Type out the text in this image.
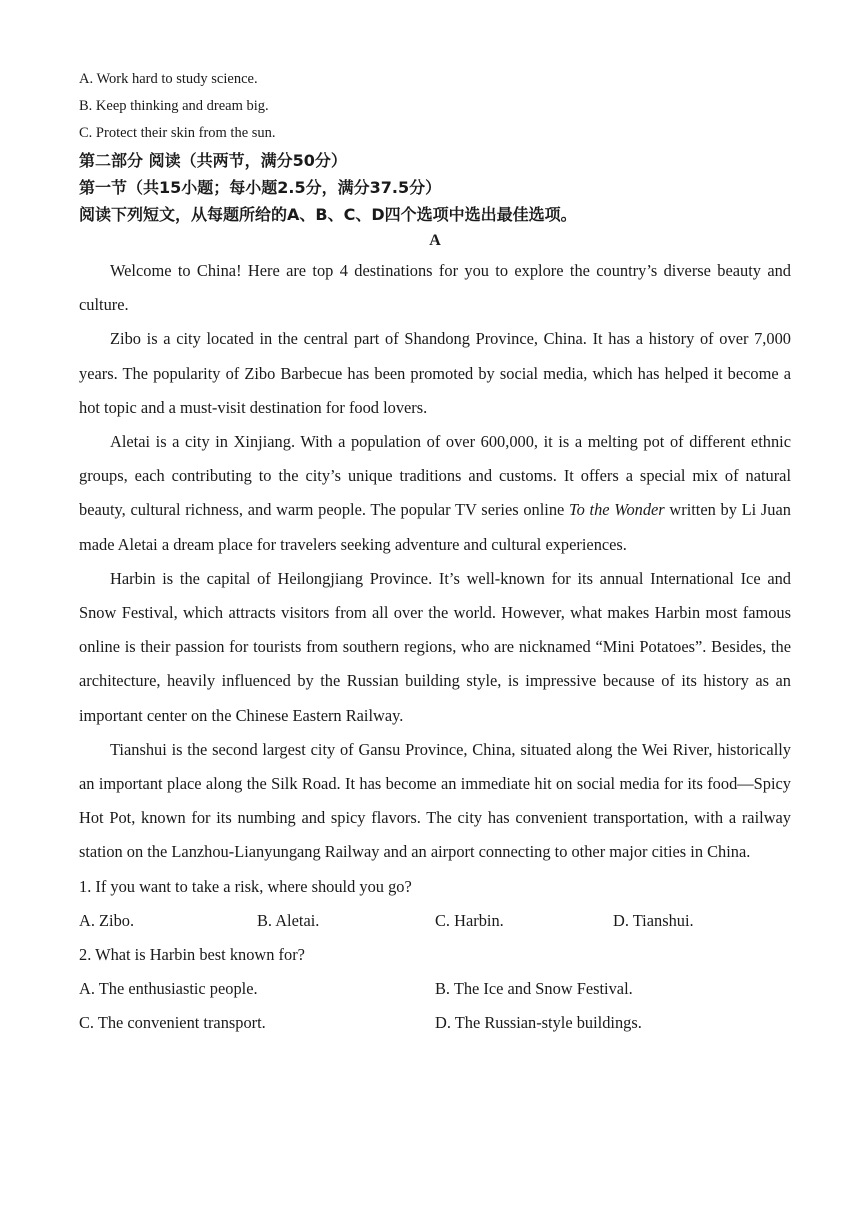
A. Work hard to study science.
B. Keep thinking and dream big.
C. Protect their skin from the sun.
第二部分 阅读（共两节，满分50分）
第一节（共15小题；每小题2.5分，满分37.5分）
阅读下列短文，从每题所给的A、B、C、D四个选项中选出最佳选项。
A

Welcome to China! Here are top 4 destinations for you to explore the country’s diverse beauty and culture.

Zibo is a city located in the central part of Shandong Province, China. It has a history of over 7,000 years. The popularity of Zibo Barbecue has been promoted by social media, which has helped it become a hot topic and a must-visit destination for food lovers.

Aletai is a city in Xinjiang. With a population of over 600,000, it is a melting pot of different ethnic groups, each contributing to the city’s unique traditions and customs. It offers a special mix of natural beauty, cultural richness, and warm people. The popular TV series online To the Wonder written by Li Juan made Aletai a dream place for travelers seeking adventure and cultural experiences.

Harbin is the capital of Heilongjiang Province. It’s well-known for its annual International Ice and Snow Festival, which attracts visitors from all over the world. However, what makes Harbin most famous online is their passion for tourists from southern regions, who are nicknamed “Mini Potatoes”. Besides, the architecture, heavily influenced by the Russian building style, is impressive because of its history as an important center on the Chinese Eastern Railway.

Tianshui is the second largest city of Gansu Province, China, situated along the Wei River, historically an important place along the Silk Road. It has become an immediate hit on social media for its food—Spicy Hot Pot, known for its numbing and spicy flavors. The city has convenient transportation, with a railway station on the Lanzhou-Lianyungang Railway and an airport connecting to other major cities in China.

1. If you want to take a risk, where should you go?

A. Zibo.	B. Aletai.	C. Harbin.	D. Tianshui.

2. What is Harbin best known for?

A. The enthusiastic people.	B. The Ice and Snow Festival.
C. The convenient transport.	D. The Russian-style buildings.
